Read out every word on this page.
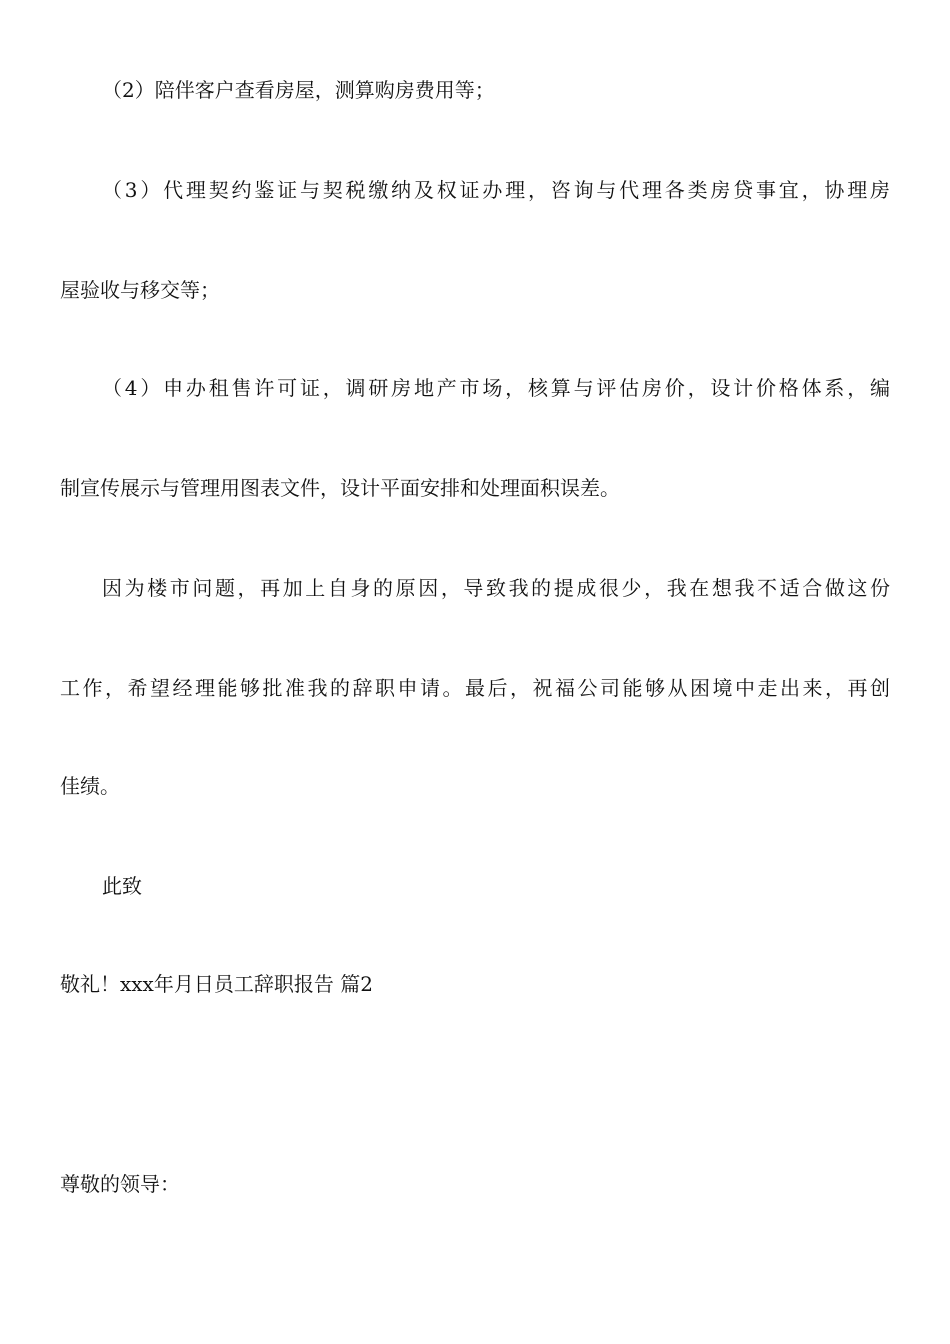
（2）陪伴客户查看房屋，测算购房费用等；
（3）代理契约鉴证与契税缴纳及权证办理，咨询与代理各类房贷事宜，协理房
屋验收与移交等；
（4）申办租售许可证，调研房地产市场，核算与评估房价，设计价格体系，编
制宣传展示与管理用图表文件，设计平面安排和处理面积误差。
因为楼市问题，再加上自身的原因，导致我的提成很少，我在想我不适合做这份
工作，希望经理能够批准我的辞职申请。最后，祝福公司能够从困境中走出来，再创
佳绩。
此致
敬礼！xxx年月日员工辞职报告 篇2
尊敬的领导：
